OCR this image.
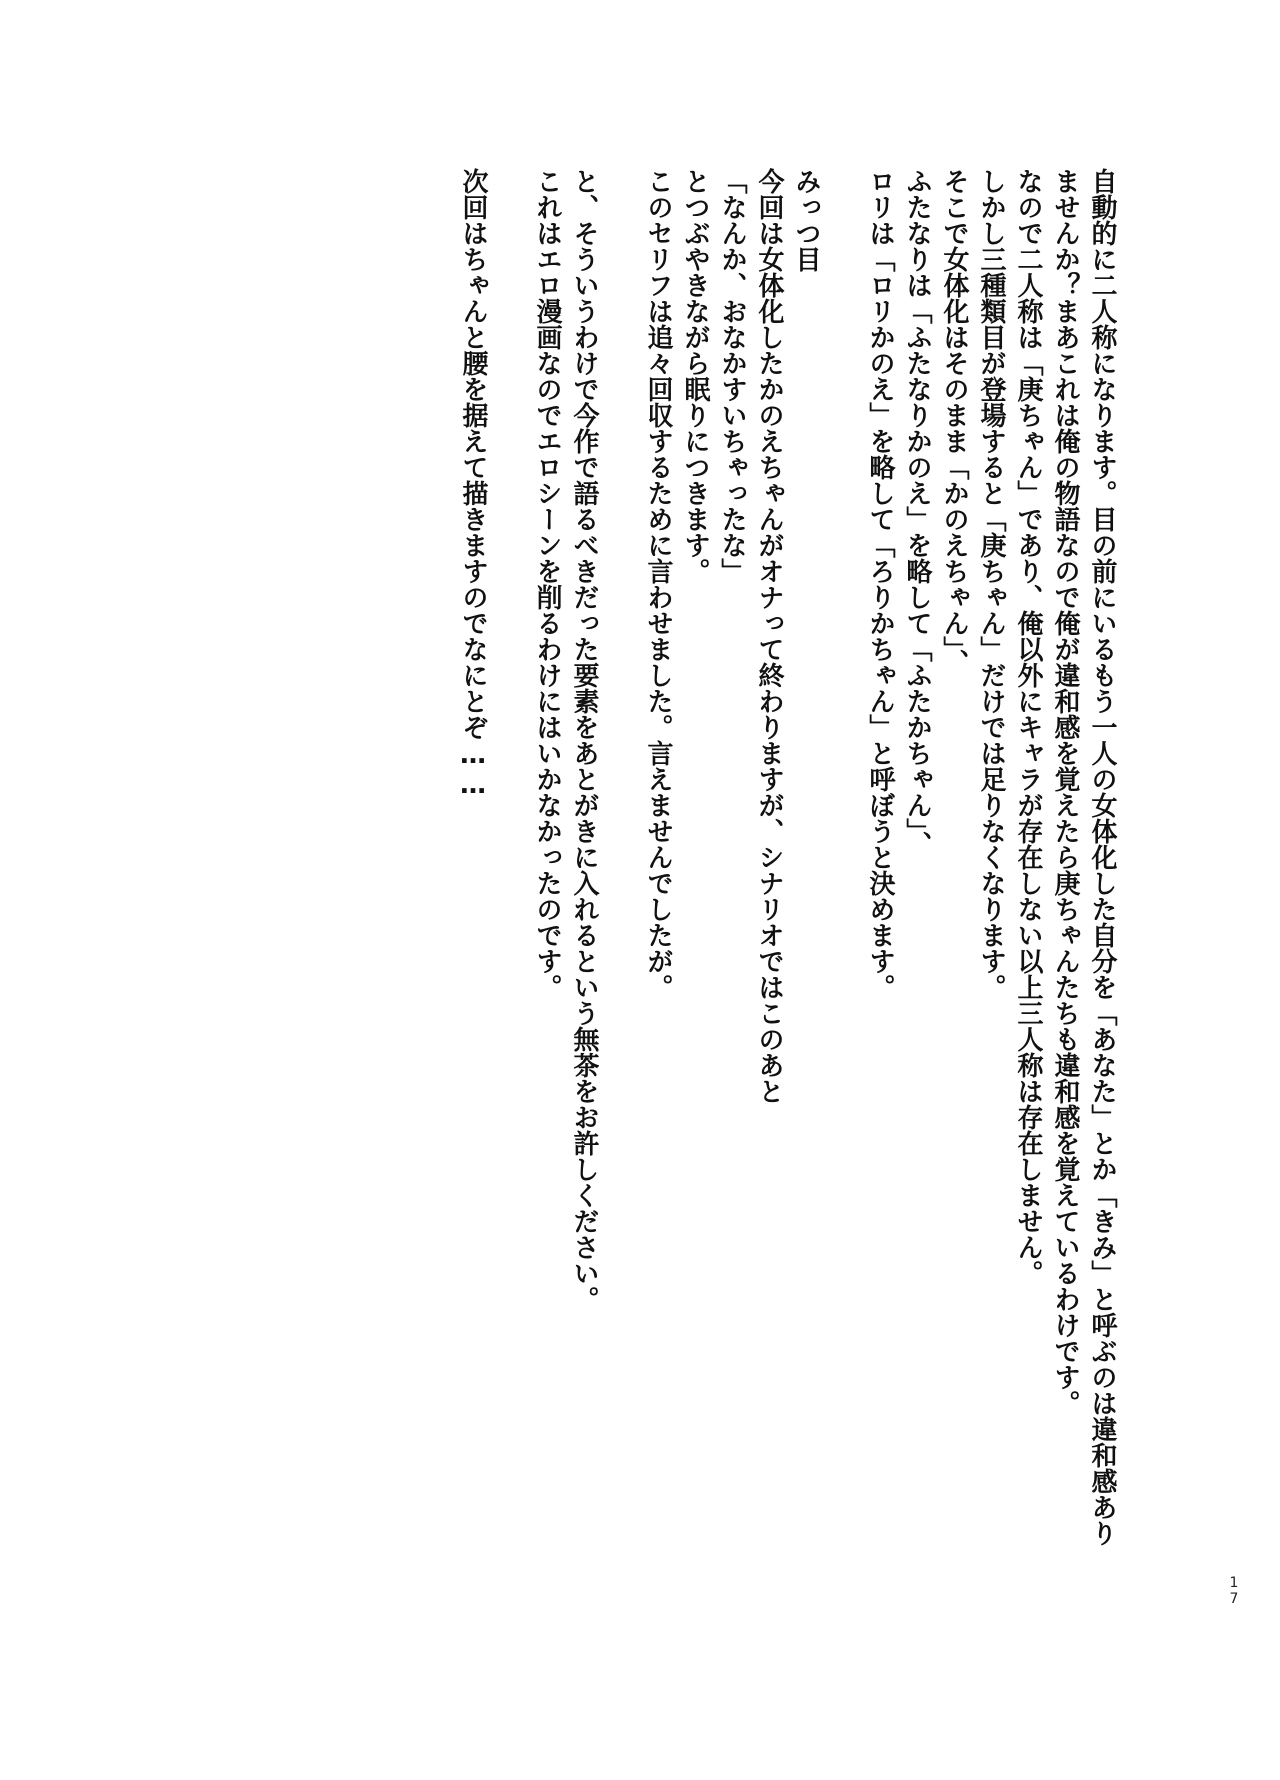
自動的に二人称になります。目の前にいるもう一人の女体化した自分を「あなた」とか「きみ」と呼ぶのは違和感あり
ませんか？まあこれは俺の物語なので俺が違和感を覚えたら庚ちゃんたちも違和感を覚えているわけです。
なので二人称は「庚ちゃん」であり、俺以外にキャラが存在しない以上三人称は存在しません。
しかし三種類目が登場すると「庚ちゃん」だけでは足りなくなります。
そこで女体化はそのまま「かのえちゃん」、
ふたなりは「ふたなりかのえ」を略して「ふたかちゃん」、
ロリは「ロリかのえ」を略して「ろりかちゃん」と呼ぼうと決めます。

みっつ目
今回は女体化したかのえちゃんがオナって終わりますが、シナリオではこのあと
「なんか、おなかすいちゃったな」
とつぶやきながら眠りにつきます。
このセリフは追々回収するために言わせました。言えませんでしたが。

と、そういうわけで今作で語るべきだった要素をあとがきに入れるという無茶をお許しください。
これはエロ漫画なのでエロシーンを削るわけにはいかなかったのです。

次回はちゃんと腰を据えて描きますのでなにとぞ……
1
7
